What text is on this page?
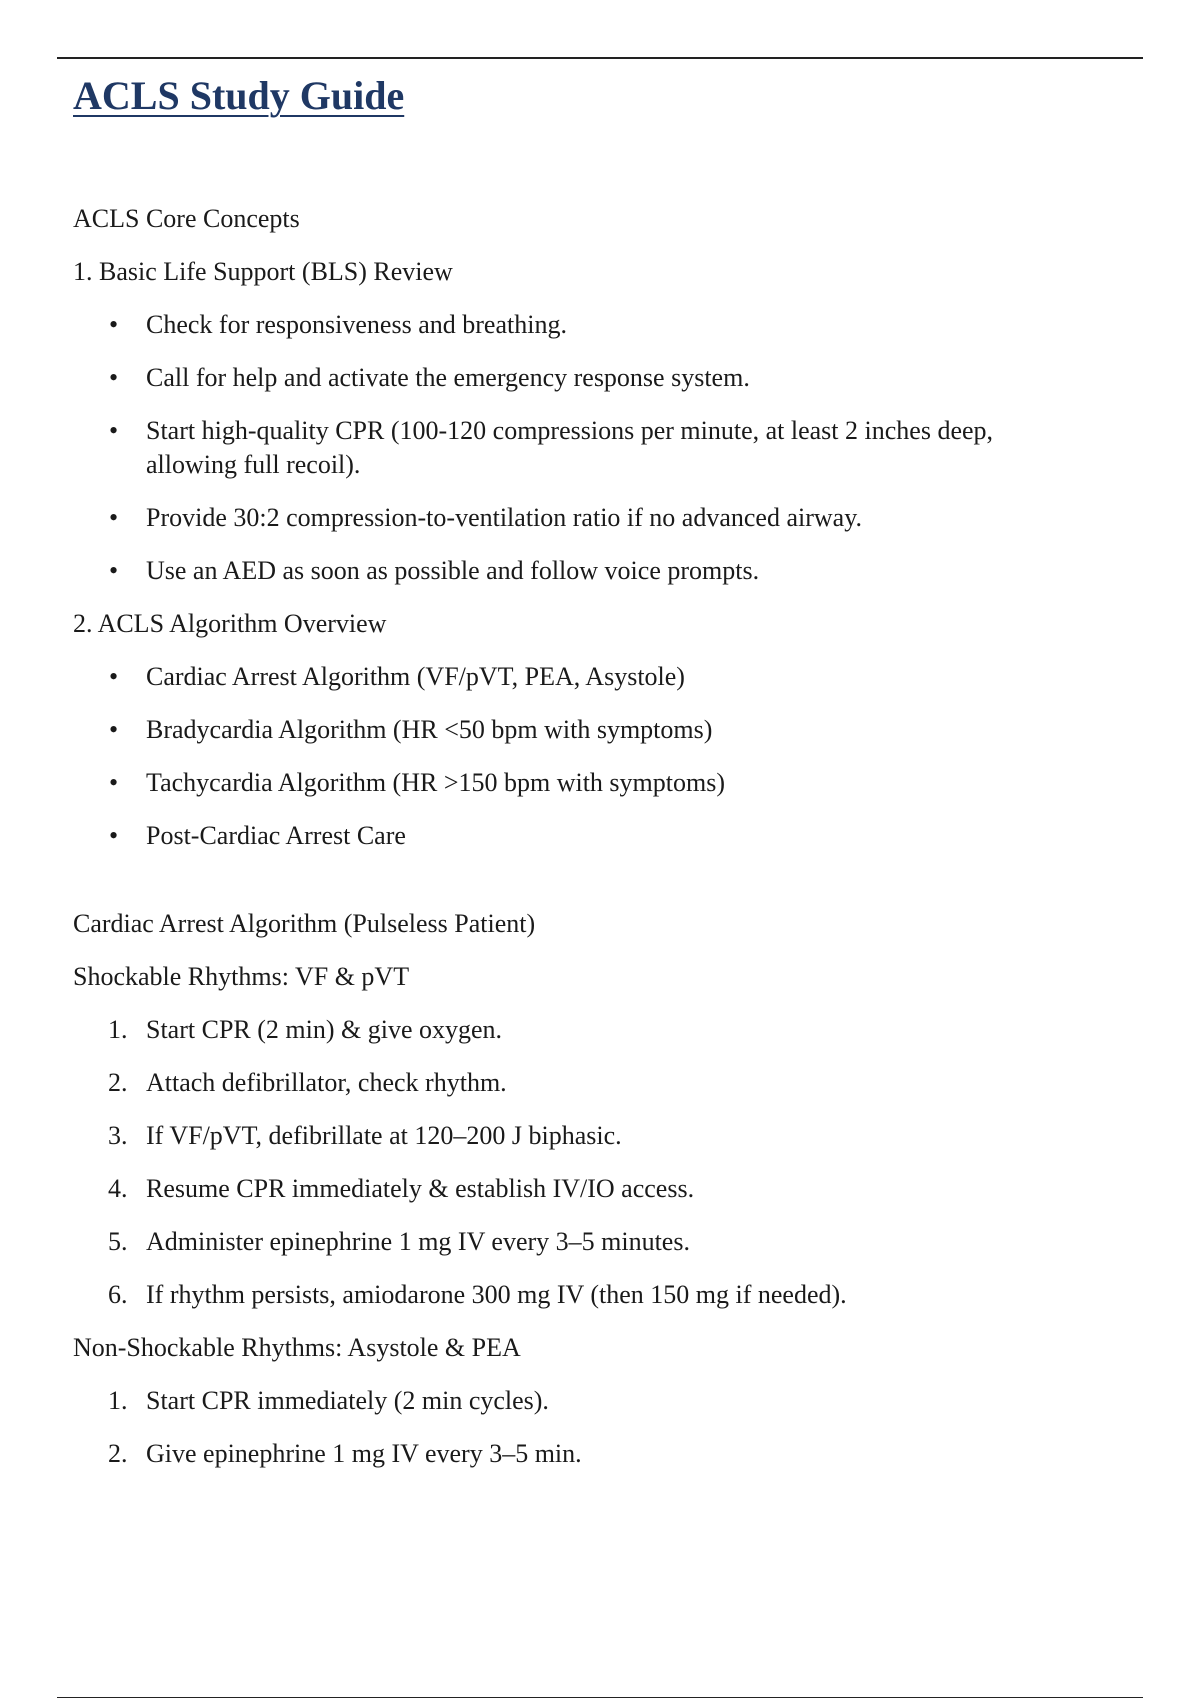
ACLS Study Guide

ACLS Core Concepts

1. Basic Life Support (BLS) Review

•	Check for responsiveness and breathing.
•	Call for help and activate the emergency response system.
•	Start high-quality CPR (100-120 compressions per minute, at least 2 inches deep, allowing full recoil).
•	Provide 30:2 compression-to-ventilation ratio if no advanced airway.
•	Use an AED as soon as possible and follow voice prompts.

2. ACLS Algorithm Overview

•	Cardiac Arrest Algorithm (VF/pVT, PEA, Asystole)
•	Bradycardia Algorithm (HR <50 bpm with symptoms)
•	Tachycardia Algorithm (HR >150 bpm with symptoms)
•	Post-Cardiac Arrest Care

Cardiac Arrest Algorithm (Pulseless Patient)

Shockable Rhythms: VF & pVT

1. Start CPR (2 min) & give oxygen.
2. Attach defibrillator, check rhythm.
3. If VF/pVT, defibrillate at 120–200 J biphasic.
4. Resume CPR immediately & establish IV/IO access.
5. Administer epinephrine 1 mg IV every 3–5 minutes.
6. If rhythm persists, amiodarone 300 mg IV (then 150 mg if needed).

Non-Shockable Rhythms: Asystole & PEA

1. Start CPR immediately (2 min cycles).
2. Give epinephrine 1 mg IV every 3–5 min.
